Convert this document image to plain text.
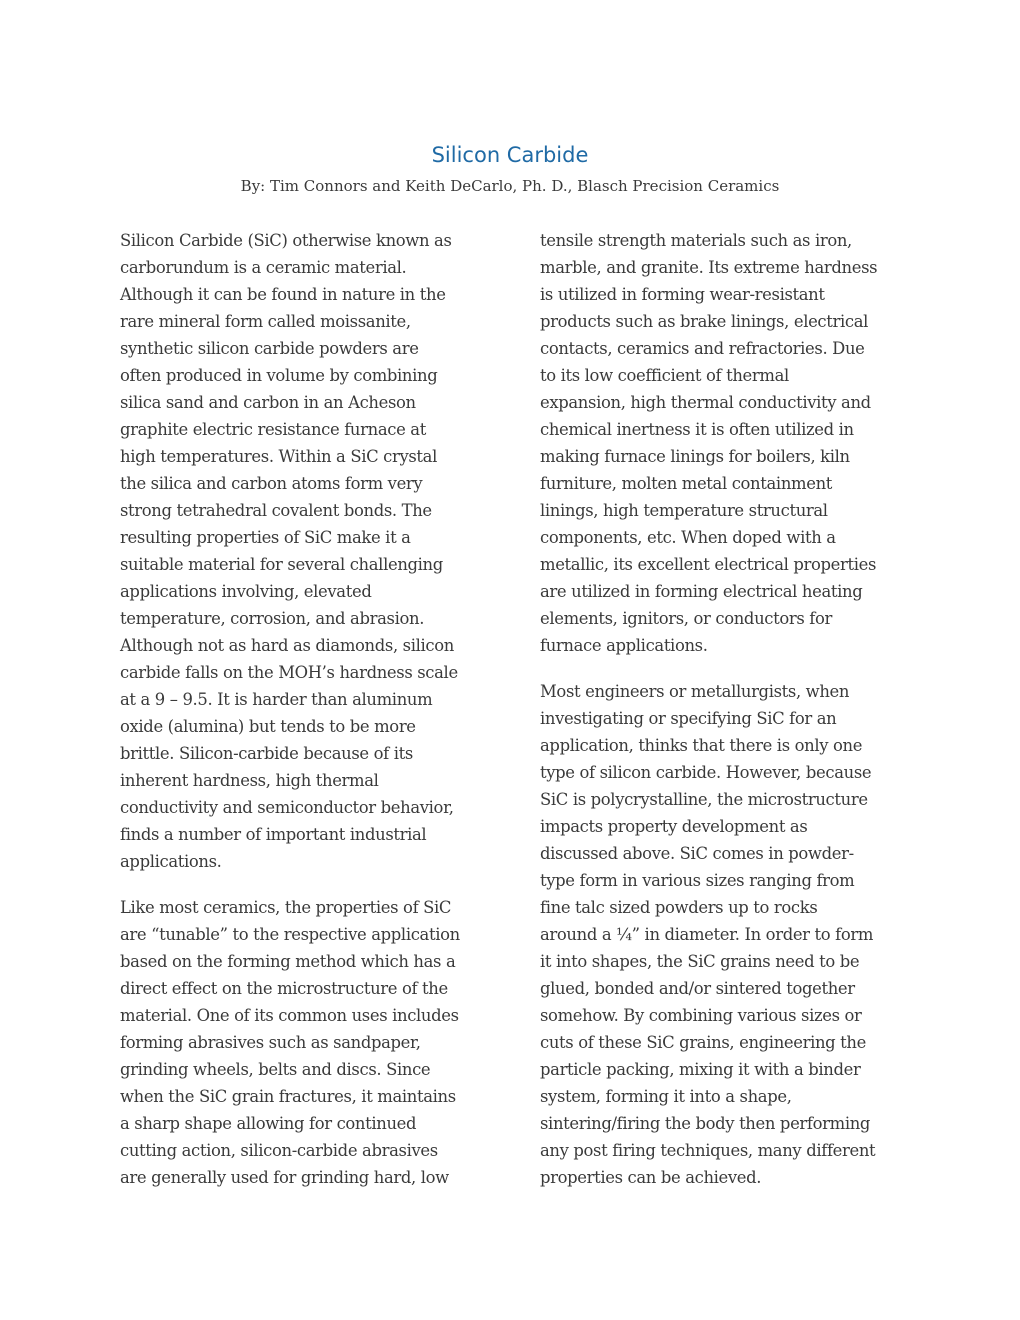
Silicon Carbide

By: Tim Connors and Keith DeCarlo, Ph. D., Blasch Precision Ceramics

Silicon Carbide (SiC) otherwise known as
carborundum is a ceramic material.
Although it can be found in nature in the
rare mineral form called moissanite,
synthetic silicon carbide powders are
often produced in volume by combining
silica sand and carbon in an Acheson
graphite electric resistance furnace at
high temperatures. Within a SiC crystal
the silica and carbon atoms form very
strong tetrahedral covalent bonds. The
resulting properties of SiC make it a
suitable material for several challenging
applications involving, elevated
temperature, corrosion, and abrasion.
Although not as hard as diamonds, silicon
carbide falls on the MOH’s hardness scale
at a 9 – 9.5. It is harder than aluminum
oxide (alumina) but tends to be more
brittle. Silicon-carbide because of its
inherent hardness, high thermal
conductivity and semiconductor behavior,
finds a number of important industrial
applications.

Like most ceramics, the properties of SiC
are “tunable” to the respective application
based on the forming method which has a
direct effect on the microstructure of the
material. One of its common uses includes
forming abrasives such as sandpaper,
grinding wheels, belts and discs. Since
when the SiC grain fractures, it maintains
a sharp shape allowing for continued
cutting action, silicon-carbide abrasives
are generally used for grinding hard, low

tensile strength materials such as iron,
marble, and granite. Its extreme hardness
is utilized in forming wear-resistant
products such as brake linings, electrical
contacts, ceramics and refractories. Due
to its low coefficient of thermal
expansion, high thermal conductivity and
chemical inertness it is often utilized in
making furnace linings for boilers, kiln
furniture, molten metal containment
linings, high temperature structural
components, etc. When doped with a
metallic, its excellent electrical properties
are utilized in forming electrical heating
elements, ignitors, or conductors for
furnace applications.

Most engineers or metallurgists, when
investigating or specifying SiC for an
application, thinks that there is only one
type of silicon carbide. However, because
SiC is polycrystalline, the microstructure
impacts property development as
discussed above. SiC comes in powder-
type form in various sizes ranging from
fine talc sized powders up to rocks
around a ¼” in diameter. In order to form
it into shapes, the SiC grains need to be
glued, bonded and/or sintered together
somehow. By combining various sizes or
cuts of these SiC grains, engineering the
particle packing, mixing it with a binder
system, forming it into a shape,
sintering/firing the body then performing
any post firing techniques, many different
properties can be achieved.
